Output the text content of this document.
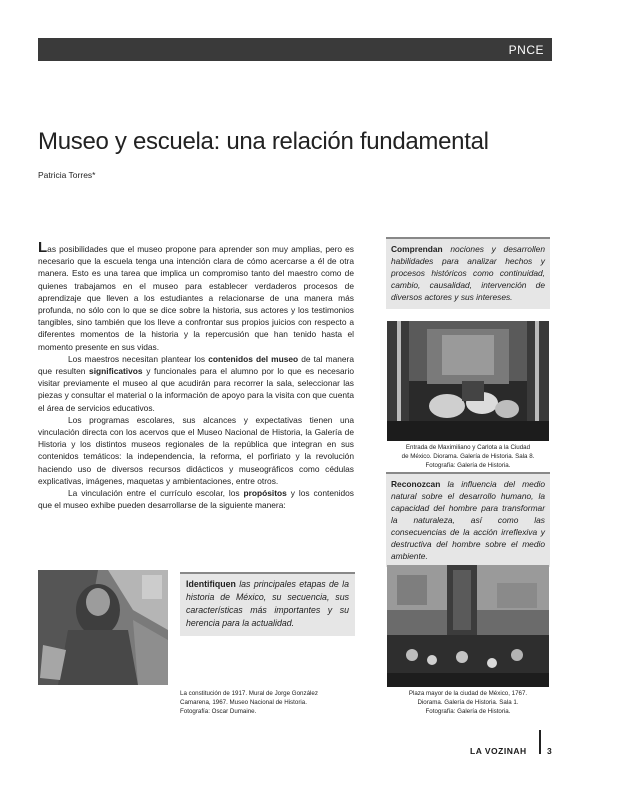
PNCE
Museo y escuela: una relación fundamental
Patricia Torres*

Las posibilidades que el museo propone para aprender son muy amplias, pero es necesario que la escuela tenga una intención clara de cómo acercarse a él de otra manera. Esto es una tarea que implica un compromiso tanto del maestro como de quienes trabajamos en el museo para establecer verdaderos procesos de aprendizaje que lleven a los estudiantes a relacionarse de una manera más profunda, no sólo con lo que se dice sobre la historia, sus actores y los testimonios tangibles, sino también que los lleve a confrontar sus propios juicios con respecto a diferentes momentos de la historia y la repercusión que han tenido hasta el momento presente en sus vidas.

Los maestros necesitan plantear los contenidos del museo de tal manera que resulten significativos y funcionales para el alumno por lo que es necesario visitar previamente el museo al que acudirán para recorrer la sala, seleccionar las piezas y consultar el material o la información de apoyo para la visita con que cuenta el área de servicios educativos.

Los programas escolares, sus alcances y expectativas tienen una vinculación directa con los acervos que el Museo Nacional de Historia, la Galería de Historia y los distintos museos regionales de la república que integran en sus contenidos temáticos: la independencia, la reforma, el porfiriato y la revolución haciendo uso de diversos recursos didácticos y museográficos como cédulas explicativas, imágenes, maquetas y ambientaciones, entre otros.

La vinculación entre el currículo escolar, los propósitos y los contenidos que el museo exhibe pueden desarrollarse de la siguiente manera:

Comprendan nociones y desarrollen habilidades para analizar hechos y procesos históricos como continuidad, cambio, causalidad, intervención de diversos actores y sus intereses.
Entrada de Maximiliano y Carlota a la Ciudad
de México. Diorama. Galería de Historia. Sala 8.
Fotografía: Galería de Historia.
Reconozcan la influencia del medio natural sobre el desarrollo humano, la capacidad del hombre para transformar la naturaleza, así como las consecuencias de la acción irreflexiva y destructiva del hombre sobre el medio ambiente.
Plaza mayor de la ciudad de México, 1767.
Diorama. Galería de Historia. Sala 1.
Fotografía: Galería de Historia.
Identifiquen las principales etapas de la historia de México, su secuencia, sus características más importantes y su herencia para la actualidad.
La constitución de 1917. Mural de Jorge González
Camarena, 1967. Museo Nacional de Historia.
Fotografía: Oscar Dumaine.
LA VOZINAH 3
